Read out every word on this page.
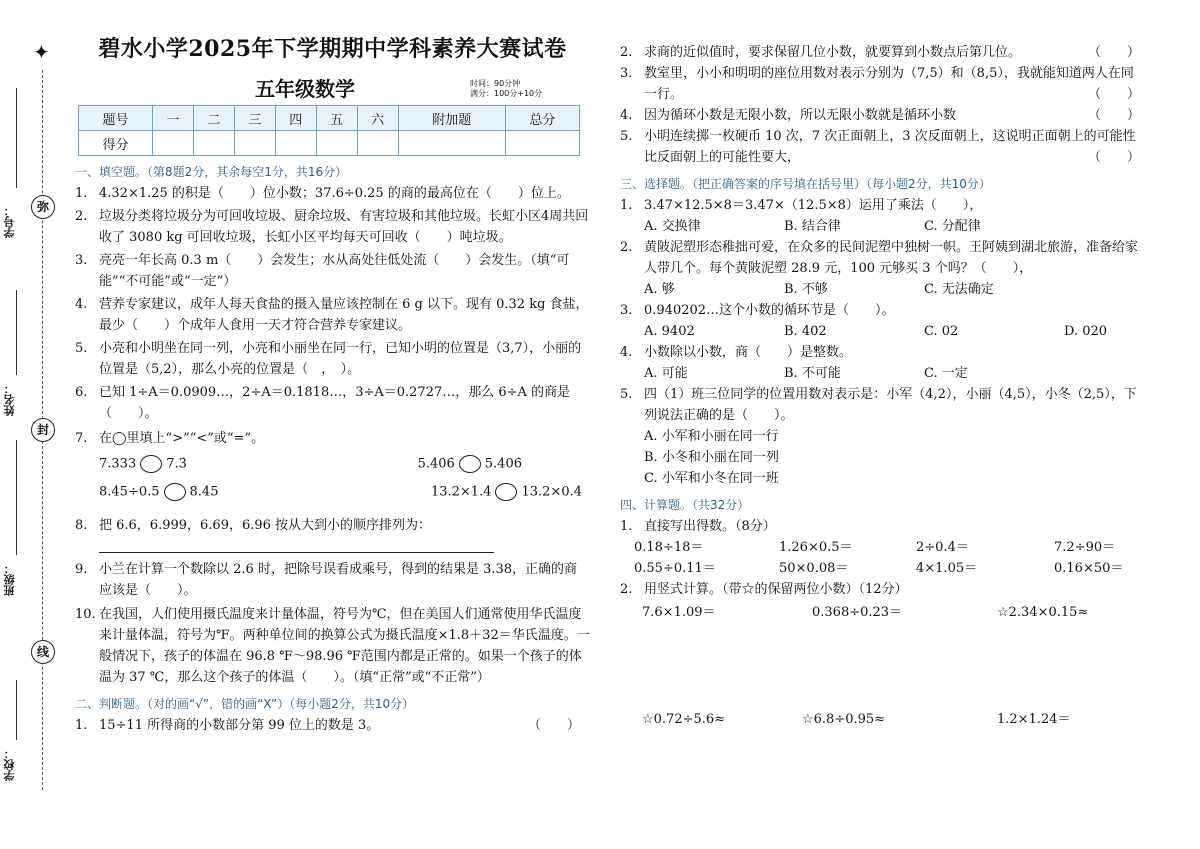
✦
弥
封
线
学号：
姓名：
班级：
学校：
碧水小学2025年下学期期中学科素养大赛试卷
五年级数学	时间：90分钟
满分：100分+10分
题号	一	二	三	四	五	六	附加题	总分
得分								
一、填空题。（第8题2分，其余每空1分，共16分）
1. 4.32×1.25 的积是（　　）位小数；37.6÷0.25 的商的最高位在（　　）位上。
2. 垃圾分类将垃圾分为可回收垃圾、厨余垃圾、有害垃圾和其他垃圾。长虹小区4周共回收了 3080 kg 可回收垃圾，长虹小区平均每天可回收（　　）吨垃圾。
3. 亮亮一年长高 0.3 m（　　）会发生；水从高处往低处流（　　）会发生。（填“可能”“不可能”或“一定”）
4. 营养专家建议，成年人每天食盐的摄入量应该控制在 6 g 以下。现有 0.32 kg 食盐，最少（　　）个成年人食用一天才符合营养专家建议。
5. 小亮和小明坐在同一列，小亮和小丽坐在同一行，已知小明的位置是（3,7），小丽的位置是（5,2），那么小亮的位置是（　，　）。
6. 已知 1÷A＝0.0909…，2÷A＝0.1818…，3÷A＝0.2727…，那么 6÷A 的商是（　　）。
7. 在◯里填上“>”“<”或“=”。
7.333 7.3̇	5.40̇6̇ 5.406̇
8.45÷0.5 8.45	13.2×1.4 13.2×0.4
8. 把 6.6，6.999，6.69，6.96 按从大到小的顺序排列为：
9. 小兰在计算一个数除以 2.6 时，把除号误看成乘号，得到的结果是 3.38，正确的商应该是（　　）。
10. 在我国，人们使用摄氏温度来计量体温，符号为℃，但在美国人们通常使用华氏温度来计量体温，符号为℉。两种单位间的换算公式为摄氏温度×1.8＋32＝华氏温度。一般情况下，孩子的体温在 96.8 ℉～98.96 ℉范围内都是正常的。如果一个孩子的体温为 37 ℃，那么这个孩子的体温（　　）。（填“正常”或“不正常”）
二、判断题。（对的画“√”，错的画“X”）（每小题2分，共10分）
1. 15÷11 所得商的小数部分第 99 位上的数是 3。	（　　）
2. 求商的近似值时，要求保留几位小数，就要算到小数点后第几位。	（　　）
3. 教室里，小小和明明的座位用数对表示分别为（7,5）和（8,5），我就能知道两人在同一行。	（　　）
4. 因为循环小数是无限小数，所以无限小数就是循环小数	（　　）
5. 小明连续掷一枚硬币 10 次，7 次正面朝上，3 次反面朝上，这说明正面朝上的可能性比反面朝上的可能性要大，	（　　）
三、选择题。（把正确答案的序号填在括号里）（每小题2分，共10分）
1. 3.47×12.5×8＝3.47×（12.5×8）运用了乘法（　　），
A. 交换律	B. 结合律	C. 分配律
2. 黄陂泥塑形态稚拙可爱，在众多的民间泥塑中独树一帜。王阿姨到湖北旅游，准备给家人带几个。每个黄陂泥塑 28.9 元，100 元够买 3 个吗？（　　），
A. 够	B. 不够	C. 无法确定
3. 0.940202…这个小数的循环节是（　　）。
A. 9402	B. 402	C. 02	D. 020
4. 小数除以小数，商（　　）是整数。
A. 可能	B. 不可能	C. 一定
5. 四（1）班三位同学的位置用数对表示是：小军（4,2），小丽（4,5），小冬（2,5），下列说法正确的是（　　）。
A. 小军和小丽在同一行
B. 小冬和小丽在同一列
C. 小军和小冬在同一班
四、计算题。（共32分）
1. 直接写出得数。（8分）
0.18÷18＝	1.26×0.5＝	2÷0.4＝	7.2÷90＝
0.55÷0.11＝	50×0.08＝	4×1.05＝	0.16×50＝
2. 用竖式计算。（带☆的保留两位小数）（12分）
7.6×1.09＝	0.368÷0.23＝	☆2.34×0.15≈
☆0.72÷5.6≈	☆6.8÷0.95≈	1.2×1.24＝
